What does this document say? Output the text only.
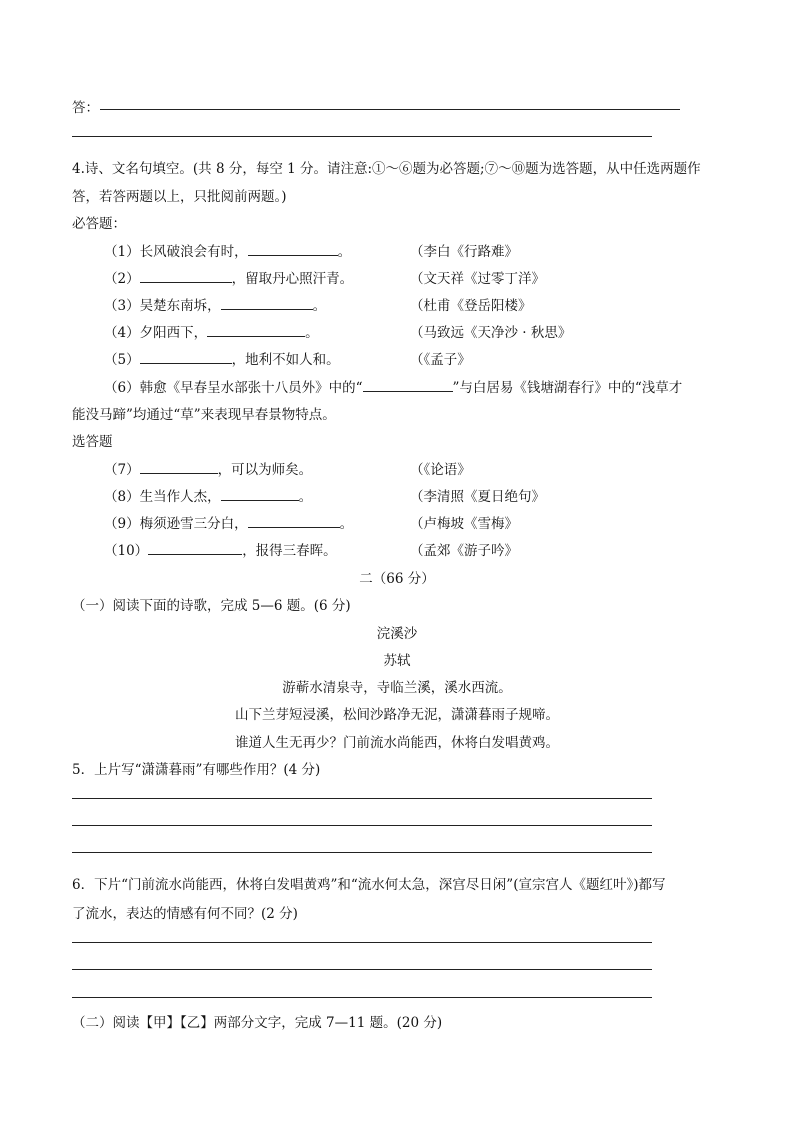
答：
4.诗、文名句填空。(共 8 分，每空 1 分。请注意:①～⑥题为必答题;⑦～⑩题为选答题，从中任选两题作
答，若答两题以上，只批阅前两题。)
必答题：
（1）长风破浪会有时，	。	（李白《行路难》
（2）	，留取丹心照汗青。	（文天祥《过零丁洋》
（3）吴楚东南坼，	。	（杜甫《登岳阳楼》
（4）夕阳西下，	。	（马致远《天净沙 · 秋思》
（5）	，地利不如人和。	（《孟子》
（6）韩愈《早春呈水部张十八员外》中的“	”与白居易《钱塘湖春行》中的“浅草才
能没马蹄”均通过“草”来表现早春景物特点。
选答题
（7）	，可以为师矣。	（《论语》
（8）生当作人杰，	。	（李清照《夏日绝句》
（9）梅须逊雪三分白，	。	（卢梅坡《雪梅》
（10）	，报得三春晖。	（孟郊《游子吟》
二（66 分）
（一）阅读下面的诗歌，完成 5—6 题。(6 分)
浣溪沙
苏轼
游蕲水清泉寺，寺临兰溪，溪水西流。
山下兰芽短浸溪，松间沙路净无泥，潇潇暮雨子规啼。
谁道人生无再少？门前流水尚能西，休将白发唱黄鸡。
5．上片写“潇潇暮雨”有哪些作用？(4 分)
6．下片“门前流水尚能西，休将白发唱黄鸡”和“流水何太急，深宫尽日闲”(宣宗宫人《题红叶》)都写
了流水，表达的情感有何不同？(2 分)
（二）阅读【甲】【乙】两部分文字，完成 7—11 题。(20 分)
